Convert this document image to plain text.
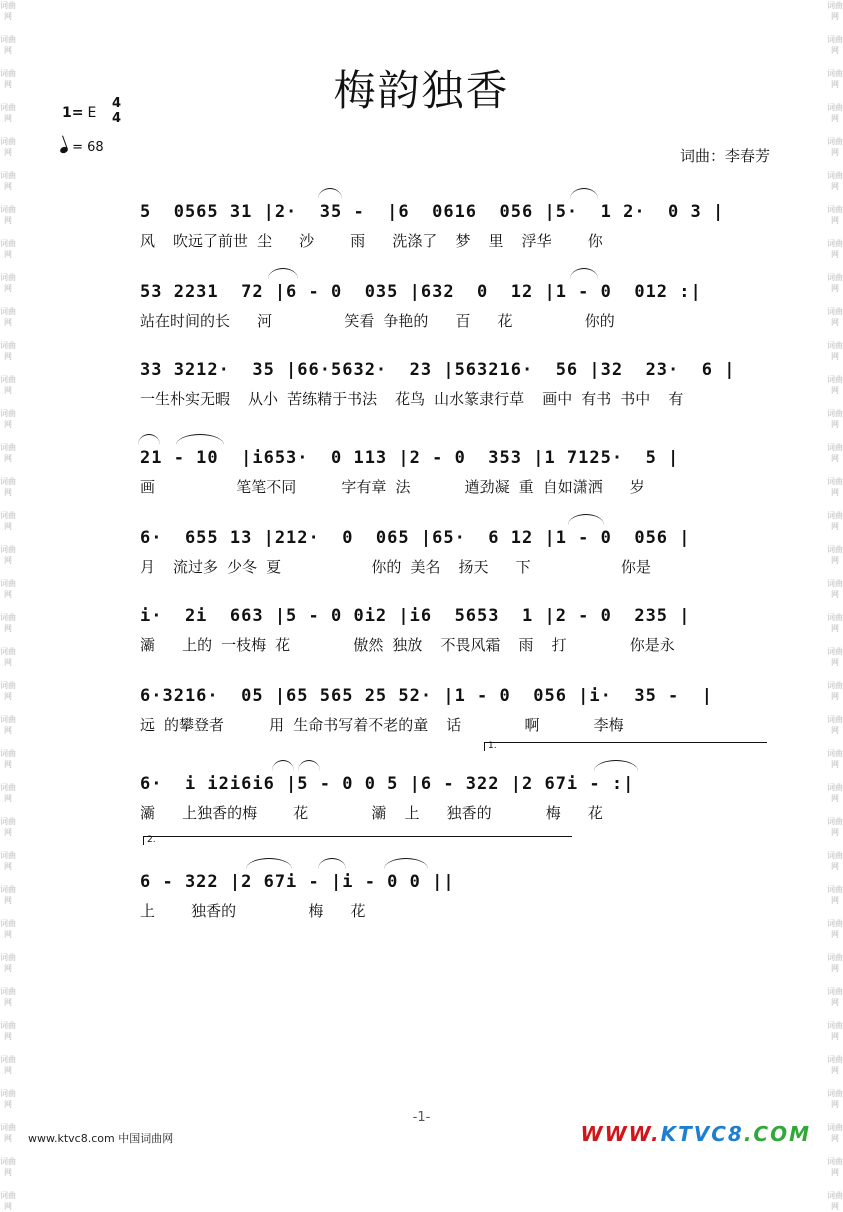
词曲网
词曲网
词曲网
词曲网
词曲网
词曲网
词曲网
词曲网
词曲网
词曲网
词曲网
词曲网
词曲网
词曲网
词曲网
词曲网
词曲网
词曲网
词曲网
词曲网
词曲网
词曲网
词曲网
词曲网
词曲网
词曲网
词曲网
词曲网
词曲网
词曲网
词曲网
词曲网
词曲网
词曲网
词曲网
词曲网
词曲网
词曲网
词曲网
词曲网
词曲网
词曲网
词曲网
词曲网
词曲网
词曲网
词曲网
词曲网
词曲网
词曲网
词曲网
词曲网
词曲网
词曲网
词曲网
词曲网
词曲网
词曲网
词曲网
词曲网
词曲网
词曲网
词曲网
词曲网
词曲网
词曲网
词曲网
词曲网
词曲网
词曲网
词曲网
词曲网
梅韵独香
1= E
4
4
= 68	词曲：李春芳
5  0565 31 |2·  35 -  |6  0616  056 |5·  1 2·  0 3 |
风  吹远了前世 尘   沙    雨   洗涤了  梦  里  浮华    你
53 2231  72 |6 - 0  035 |632  0  12 |1 - 0  012 :|
站在时间的长   河        笑看 争艳的   百   花        你的
33 3212·  35 |66·5632·  23 |563216·  56 |32  23·  6 |
一生朴实无暇  从小 苦练精于书法  花鸟 山水篆隶行草  画中 有书 书中  有
21 - 10  |i653·  0 113 |2 - 0  353 |1 7125·  5 |
画         笔笔不同     字有章 法      遒劲凝 重 自如潇洒   岁
6·  655 13 |212·  0  065 |65·  6 12 |1 - 0  056 |
月  流过多 少冬 夏          你的 美名  扬天   下          你是
i·  2i  663 |5 - 0 0i2 |i6  5653  1 |2 - 0  235 |
灞   上的 一枝梅 花       傲然 独放  不畏风霜  雨  打       你是永
6·3216·  05 |65 565 25 52· |1 - 0  056 |i·  35 -  |
远 的攀登者     用 生命书写着不老的童  话       啊      李梅
1.
6·  i i2i6i6 |5 - 0 0 5 |6 - 322 |2 67i - :|
灞   上独香的梅    花       灞  上   独香的      梅   花
2.
6 - 322 |2 67i - |i - 0 0 ||
上    独香的        梅   花
-1-
www.ktvc8.com 中国词曲网	WWW.KTVC8.COM
